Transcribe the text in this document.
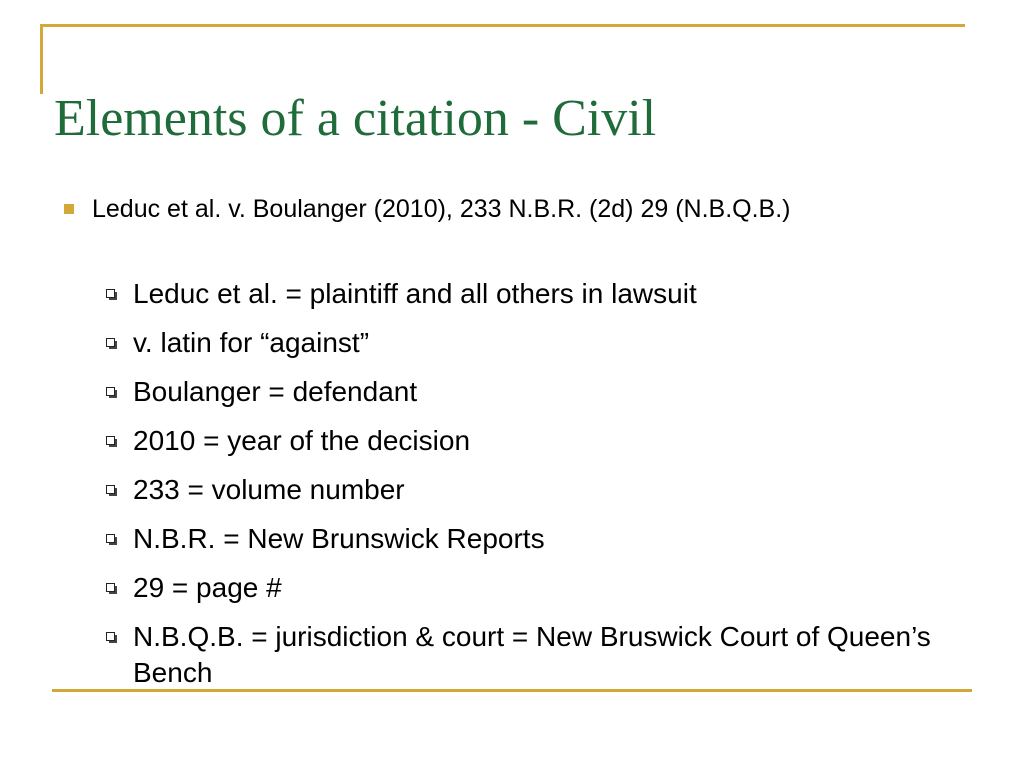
Elements of a citation - Civil
Leduc et al. v. Boulanger (2010), 233 N.B.R. (2d) 29 (N.B.Q.B.)
Leduc et al. = plaintiff and all others in lawsuit
v. latin for “against”
Boulanger = defendant
2010 = year of the decision
233 = volume number
N.B.R. = New Brunswick Reports
29 = page #
N.B.Q.B. = jurisdiction & court = New Bruswick Court of Queen’s Bench
